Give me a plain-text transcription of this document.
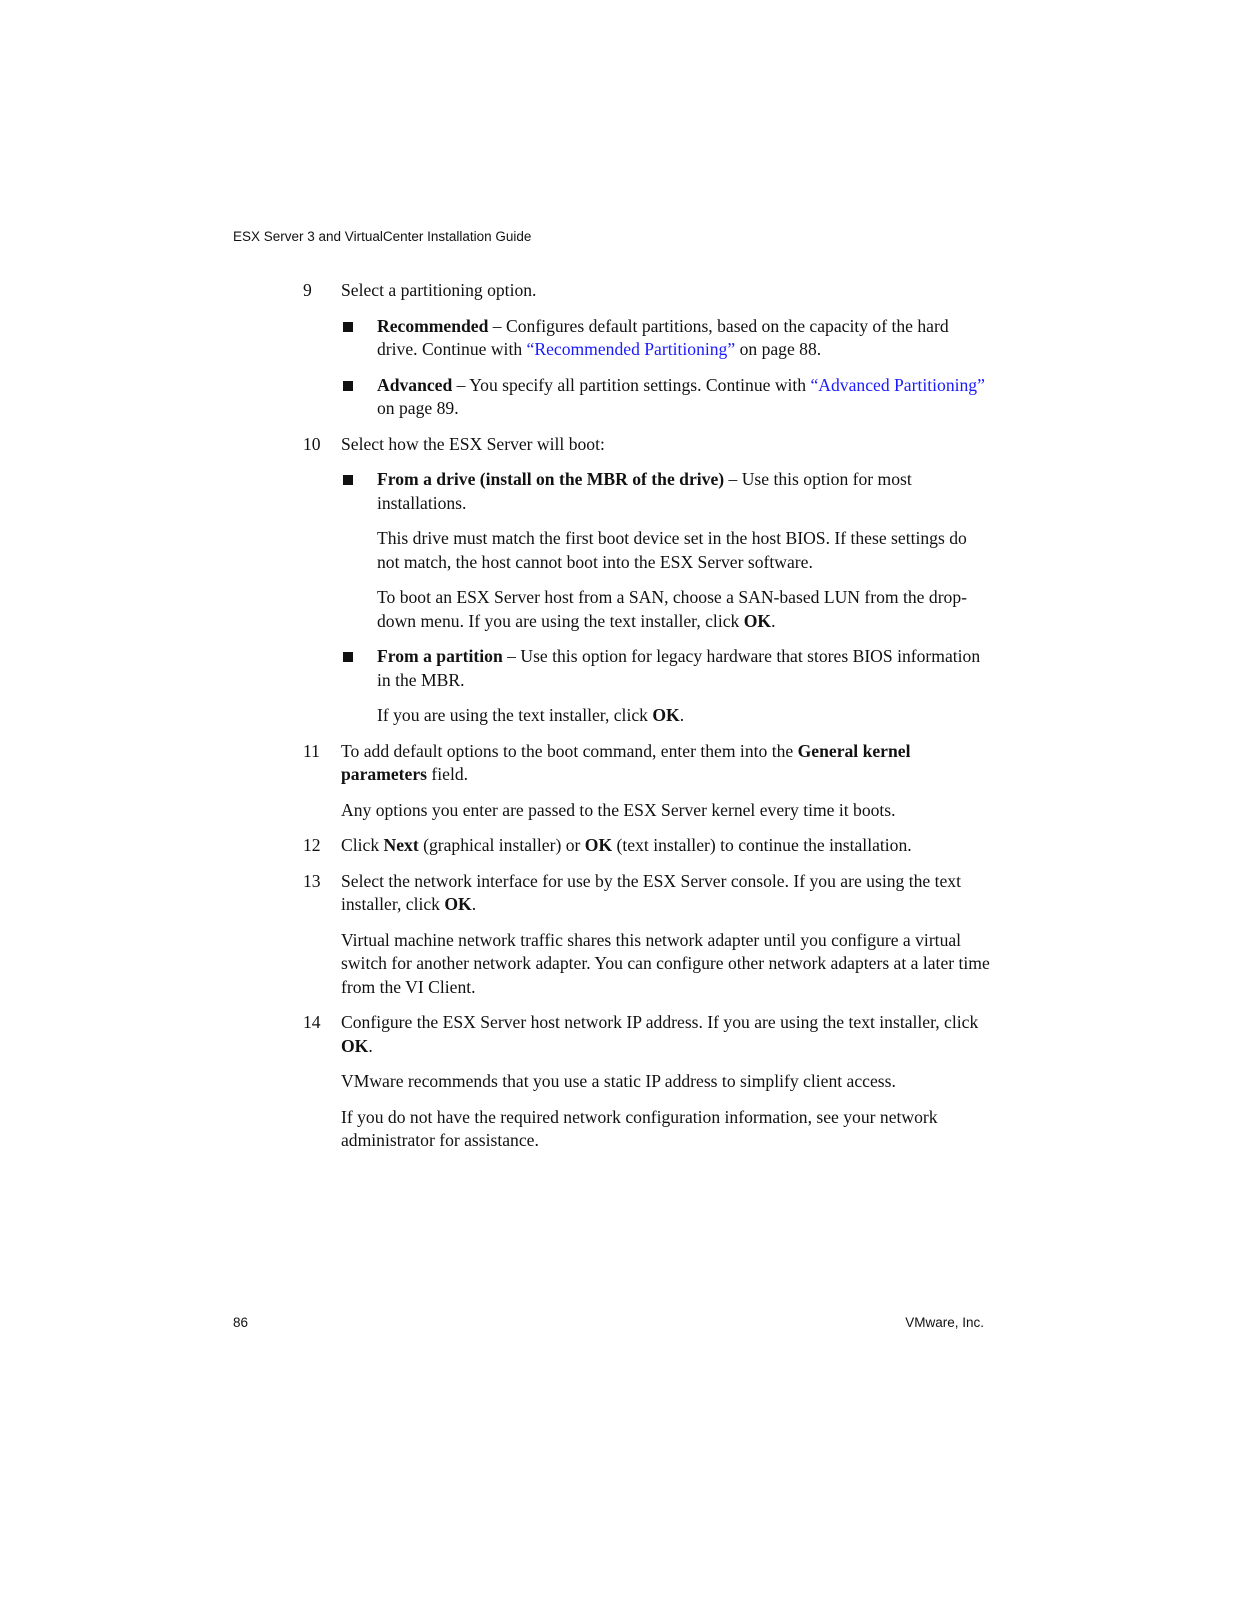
ESX Server 3 and VirtualCenter Installation Guide
9 Select a partitioning option.

Recommended – Configures default partitions, based on the capacity of the hard drive. Continue with “Recommended Partitioning” on page 88.

Advanced – You specify all partition settings. Continue with “Advanced Partitioning” on page 89.

10 Select how the ESX Server will boot:

From a drive (install on the MBR of the drive) – Use this option for most installations.

This drive must match the first boot device set in the host BIOS. If these settings do not match, the host cannot boot into the ESX Server software.

To boot an ESX Server host from a SAN, choose a SAN-based LUN from the drop-down menu. If you are using the text installer, click OK.

From a partition – Use this option for legacy hardware that stores BIOS information in the MBR.

If you are using the text installer, click OK.

11 To add default options to the boot command, enter them into the General kernel parameters field.

Any options you enter are passed to the ESX Server kernel every time it boots.

12 Click Next (graphical installer) or OK (text installer) to continue the installation.

13 Select the network interface for use by the ESX Server console. If you are using the text installer, click OK.

Virtual machine network traffic shares this network adapter until you configure a virtual switch for another network adapter. You can configure other network adapters at a later time from the VI Client.

14 Configure the ESX Server host network IP address. If you are using the text installer, click OK.

VMware recommends that you use a static IP address to simplify client access.

If you do not have the required network configuration information, see your network administrator for assistance.

86	VMware, Inc.
